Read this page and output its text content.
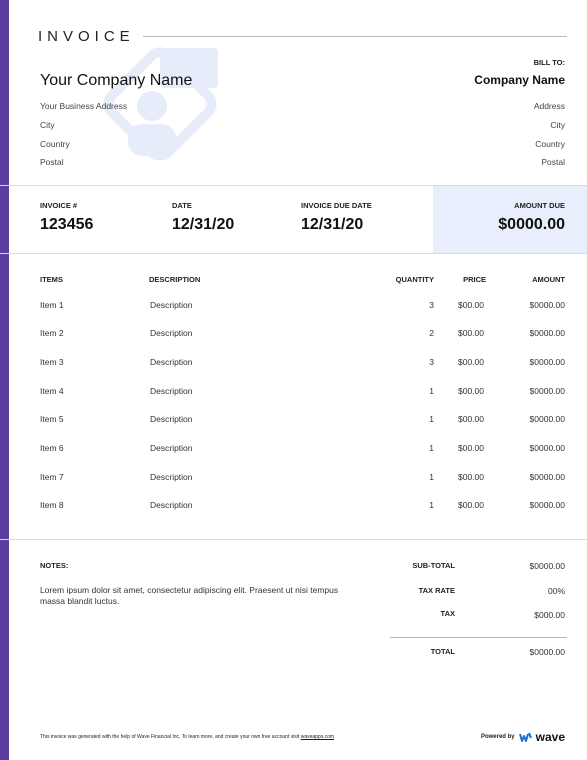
INVOICE
Your Company Name
Your Business Address
City
Country
Postal
BILL TO:
Company Name
Address
City
Country
Postal
INVOICE #
123456
DATE
12/31/20
INVOICE DUE DATE
12/31/20
AMOUNT DUE
$0000.00
ITEMS	DESCRIPTION	QUANTITY	PRICE	AMOUNT
Item 1	Description	3	$00.00	$0000.00
Item 2	Description	2	$00.00	$0000.00
Item 3	Description	3	$00.00	$0000.00
Item 4	Description	1	$00.00	$0000.00
Item 5	Description	1	$00.00	$0000.00
Item 6	Description	1	$00.00	$0000.00
Item 7	Description	1	$00.00	$0000.00
Item 8	Description	1	$00.00	$0000.00
NOTES:
Lorem ipsum dolor sit amet, consectetur adipiscing elit. Praesent ut nisi tempus massa blandit luctus.
SUB-TOTAL	$0000.00
TAX RATE	00%
TAX	$000.00
TOTAL	$0000.00
This invoice was generated with the help of Wave Financial Inc. To learn more, and create your own free account visit waveapps.com	Powered by wave
